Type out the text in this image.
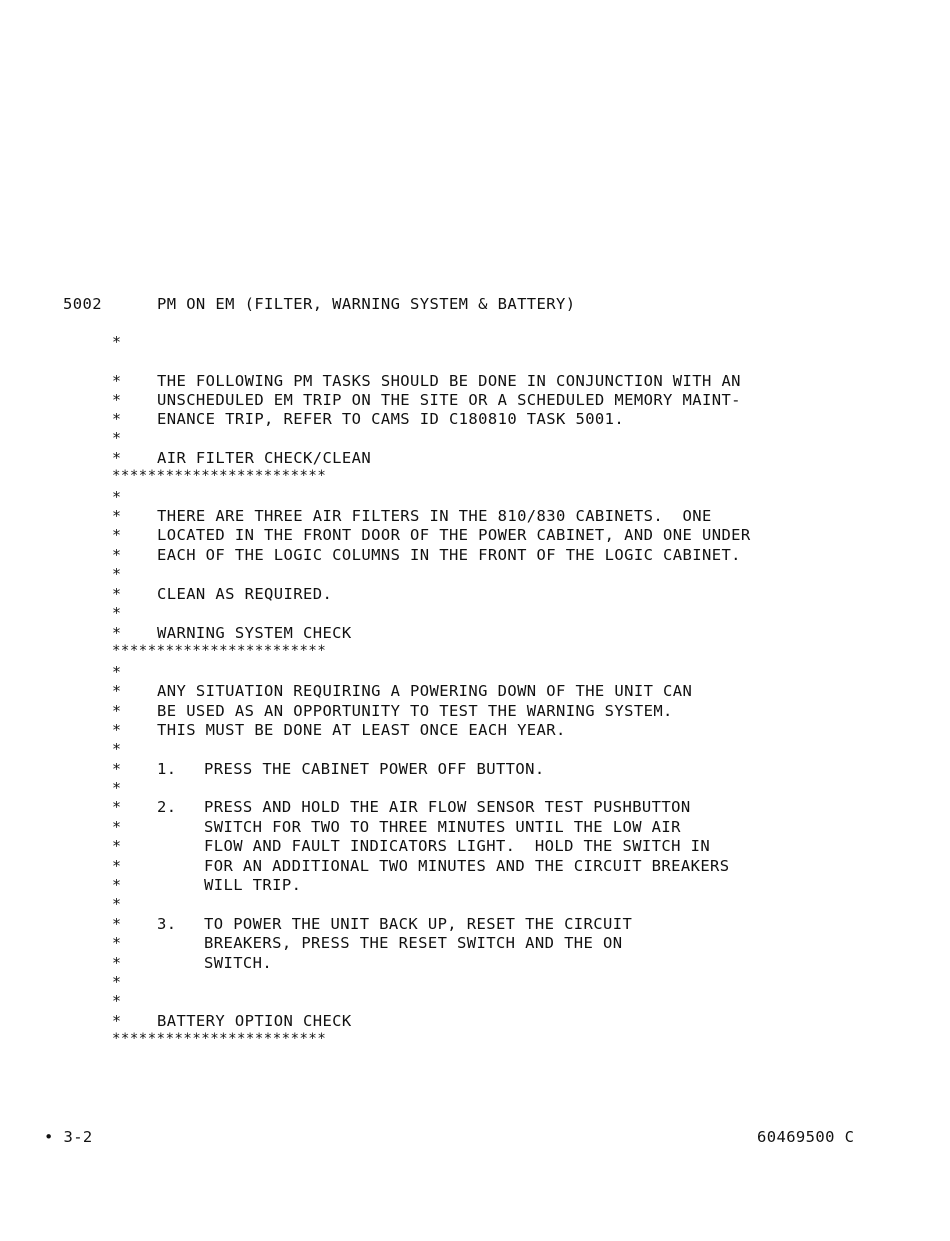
5002	PM ON EM (FILTER, WARNING SYSTEM & BATTERY)
*
*
*
*
*
*
*
*
*
*
*
*
*
*
*
*
*
*
*
*
*
*
*
*
*
*
*
*
*
*
*
*
*
THE FOLLOWING PM TASKS SHOULD BE DONE IN CONJUNCTION WITH AN
UNSCHEDULED EM TRIP ON THE SITE OR A SCHEDULED MEMORY MAINT-
ENANCE TRIP, REFER TO CAMS ID C180810 TASK 5001.
AIR FILTER CHECK/CLEAN
************************
THERE ARE THREE AIR FILTERS IN THE 810/830 CABINETS.  ONE
LOCATED IN THE FRONT DOOR OF THE POWER CABINET, AND ONE UNDER
EACH OF THE LOGIC COLUMNS IN THE FRONT OF THE LOGIC CABINET.
CLEAN AS REQUIRED.
WARNING SYSTEM CHECK
************************
ANY SITUATION REQUIRING A POWERING DOWN OF THE UNIT CAN
BE USED AS AN OPPORTUNITY TO TEST THE WARNING SYSTEM.
THIS MUST BE DONE AT LEAST ONCE EACH YEAR.
1. PRESS THE CABINET POWER OFF BUTTON.
2. PRESS AND HOLD THE AIR FLOW SENSOR TEST PUSHBUTTON
SWITCH FOR TWO TO THREE MINUTES UNTIL THE LOW AIR
FLOW AND FAULT INDICATORS LIGHT.  HOLD THE SWITCH IN
FOR AN ADDITIONAL TWO MINUTES AND THE CIRCUIT BREAKERS
WILL TRIP.
3. TO POWER THE UNIT BACK UP, RESET THE CIRCUIT
BREAKERS, PRESS THE RESET SWITCH AND THE ON
SWITCH.
BATTERY OPTION CHECK
************************
• 3-2	60469500 C
